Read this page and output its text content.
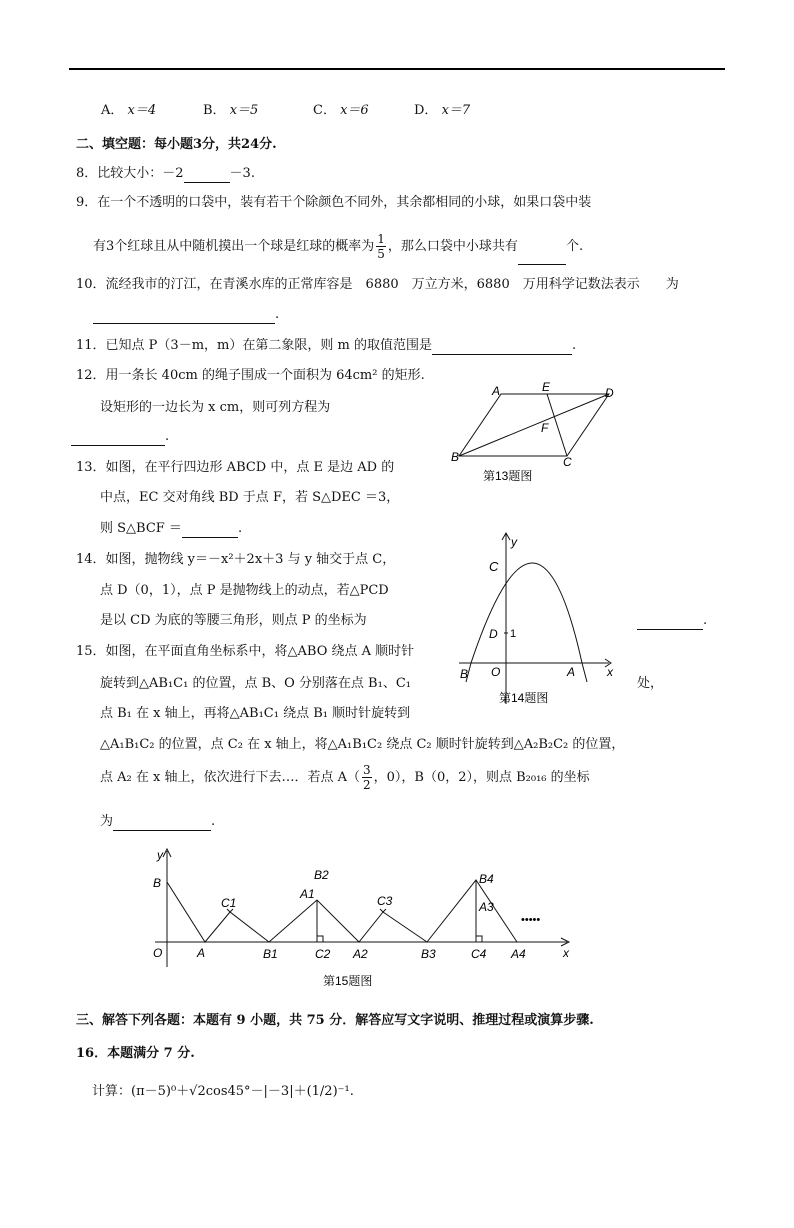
A． x＝4	B． x＝5	C． x＝6	D． x＝7
二、填空题：每小题3分，共24分.
8．比较大小：－2	－3.
9．在一个不透明的口袋中，装有若干个除颜色不同外，其余都相同的小球，如果口袋中装
有3个红球且从中随机摸出一个球是红球的概率为 $\frac{1}{5}$ ，那么口袋中小球共有	个.
10．流经我市的汀江，在青溪水库的正常库容是　6880　万立方米，6880　万用科学记数法表示　　为
.
11．已知点 P（3－m，m）在第二象限，则 m 的取值范围是	.
12．用一条长 40cm 的绳子围成一个面积为 64cm² 的矩形.
设矩形的一边长为 x cm，则可列方程为
.
13．如图，在平行四边形 ABCD 中，点 E 是边 AD 的
中点，EC 交对角线 BD 于点 F，若 S△DEC ＝3，
则 S△BCF ＝	.
14．如图，抛物线 y＝－x²＋2x＋3 与 y 轴交于点 C，
点 D（0，1），点 P 是抛物线上的动点，若△PCD
是以 CD 为底的等腰三角形，则点 P 的坐标为	.
15．如图，在平面直角坐标系中，将△ABO 绕点 A 顺时针
旋转到△AB₁C₁ 的位置，点 B、O 分别落在点 B₁、C₁	处，
点 B₁ 在 x 轴上，再将△AB₁C₁ 绕点 B₁ 顺时针旋转到
△A₁B₁C₂ 的位置，点 C₂ 在 x 轴上，将△A₁B₁C₂ 绕点 C₂ 顺时针旋转到△A₂B₂C₂ 的位置，
点 A₂ 在 x 轴上，依次进行下去…．若点 $A( \frac{3}{2}$ ，0），B（0，2），则点 B₂₀₁₆ 的坐标
为	.
A	E	D
F
B	C
第13题图
y
C
D 1
B O	A	x
第14题图
y
B
O	A
C1
B1
A1
B2
C2 A2
C3
B3
B4
A3
C4 A4
•••••
x
第15题图
三、解答下列各题：本题有 9 小题，共 75 分．解答应写文字说明、推理过程或演算步骤.
16．本题满分 7 分.
计算：(π－5)⁰＋√2cos45°－|－3|＋(1/2)⁻¹.
